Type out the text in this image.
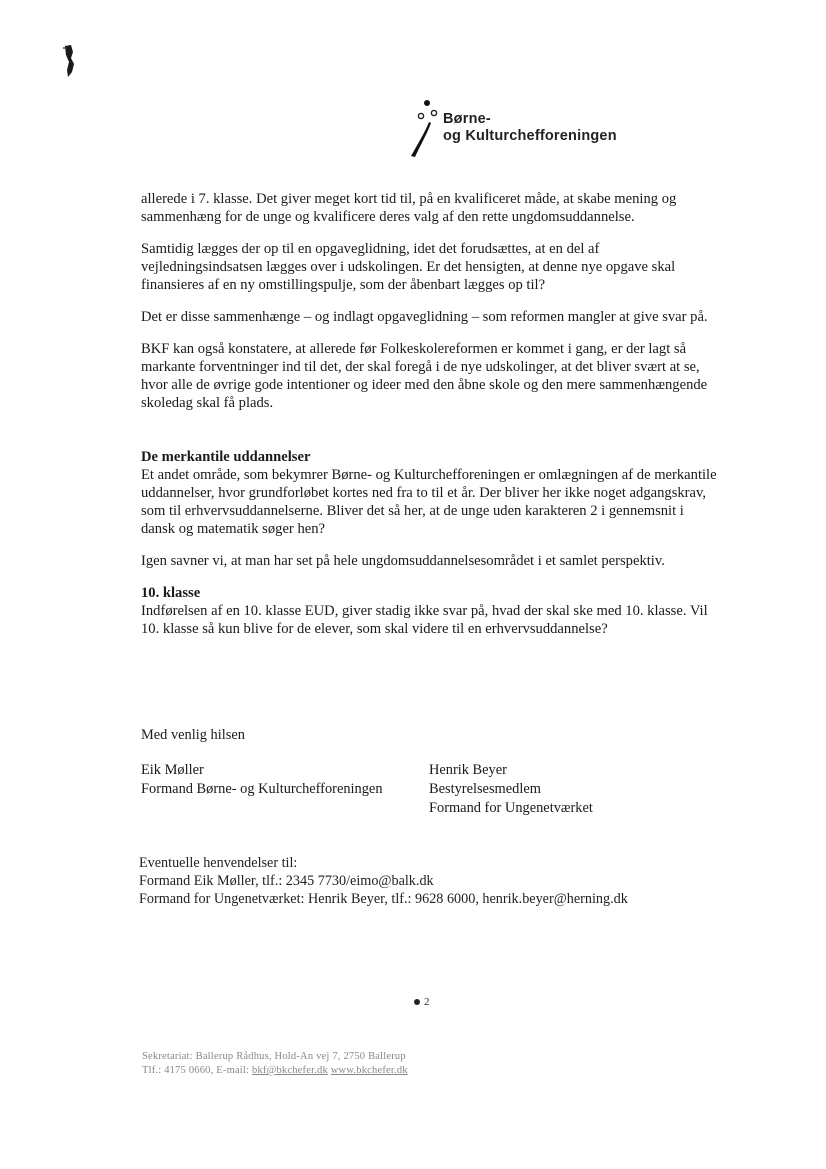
Børne-
og Kulturchefforeningen

allerede i 7. klasse. Det giver meget kort tid til, på en kvalificeret måde, at skabe mening og sammenhæng for de unge og kvalificere deres valg af den rette ungdomsuddannelse.

Samtidig lægges der op til en opgaveglidning, idet det forudsættes, at en del af vejledningsindsatsen lægges over i udskolingen. Er det hensigten, at denne nye opgave skal finansieres af en ny omstillingspulje, som der åbenbart lægges op til?

Det er disse sammenhænge – og indlagt opgaveglidning – som reformen mangler at give svar på.

BKF kan også konstatere, at allerede før Folkeskolereformen er kommet i gang, er der lagt så markante forventninger ind til det, der skal foregå i de nye udskolinger, at det bliver svært at se, hvor alle de øvrige gode intentioner og ideer med den åbne skole og den mere sammenhængende skoledag skal få plads.

De merkantile uddannelser

Et andet område, som bekymrer Børne- og Kulturchefforeningen er omlægningen af de merkantile uddannelser, hvor grundforløbet kortes ned fra to til et år. Der bliver her ikke noget adgangskrav, som til erhvervsuddannelserne. Bliver det så her, at de unge uden karakteren 2 i gennemsnit i dansk og matematik søger hen?

Igen savner vi, at man har set på hele ungdomsuddannelsesområdet i et samlet perspektiv.

10. klasse

Indførelsen af en 10. klasse EUD, giver stadig ikke svar på, hvad der skal ske med 10. klasse. Vil 10. klasse så kun blive for de elever, som skal videre til en erhvervsuddannelse?

Med venlig hilsen
Eik Møller
Formand Børne- og Kulturchefforeningen
Henrik Beyer
Bestyrelsesmedlem
Formand for Ungenetværket
Eventuelle henvendelser til:
Formand Eik Møller, tlf.: 2345 7730/eimo@balk.dk
Formand for Ungenetværket: Henrik Beyer, tlf.: 9628 6000, henrik.beyer@herning.dk
2
Sekretariat: Ballerup Rådhus, Hold-An vej 7, 2750 Ballerup
Tlf.: 4175 0660, E-mail: bkf@bkchefer.dk www.bkchefer.dk
